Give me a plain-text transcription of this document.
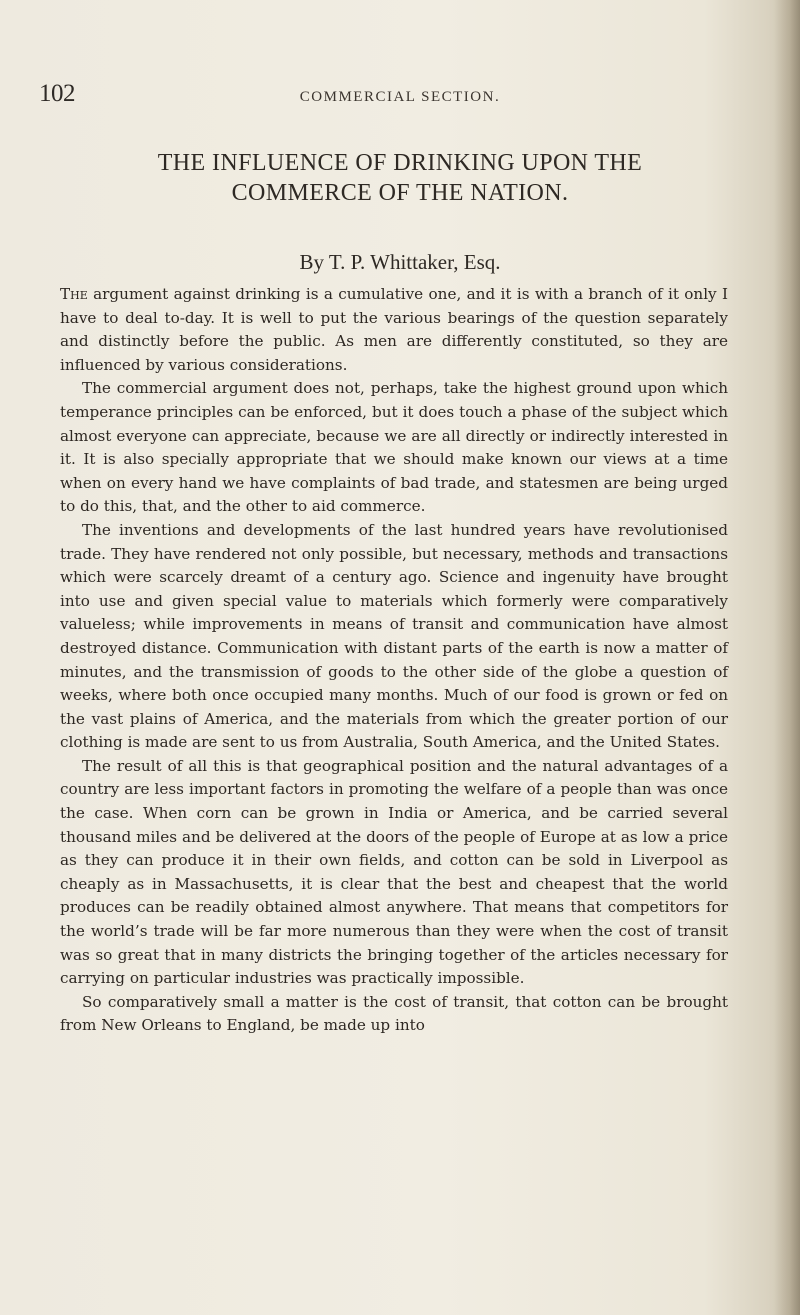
102	COMMERCIAL SECTION.
THE INFLUENCE OF DRINKING UPON THE
COMMERCE OF THE NATION.
By T. P. Whittaker, Esq.

The argument against drinking is a cumulative one, and it is with a branch of it only I have to deal to-day. It is well to put the various bearings of the question separately and distinctly before the public. As men are differently constituted, so they are influenced by various considerations.

The commercial argument does not, perhaps, take the highest ground upon which temperance principles can be enforced, but it does touch a phase of the subject which almost everyone can appreciate, because we are all directly or indirectly interested in it. It is also specially appropriate that we should make known our views at a time when on every hand we have complaints of bad trade, and statesmen are being urged to do this, that, and the other to aid commerce.

The inventions and developments of the last hundred years have revolutionised trade. They have rendered not only possible, but necessary, methods and transactions which were scarcely dreamt of a century ago. Science and ingenuity have brought into use and given special value to materials which formerly were comparatively valueless; while improvements in means of transit and communication have almost destroyed distance. Communication with distant parts of the earth is now a matter of minutes, and the transmission of goods to the other side of the globe a question of weeks, where both once occupied many months. Much of our food is grown or fed on the vast plains of America, and the materials from which the greater portion of our clothing is made are sent to us from Australia, South America, and the United States.

The result of all this is that geographical position and the natural advantages of a country are less important factors in promoting the welfare of a people than was once the case. When corn can be grown in India or America, and be carried several thousand miles and be delivered at the doors of the people of Europe at as low a price as they can produce it in their own fields, and cotton can be sold in Liverpool as cheaply as in Massachusetts, it is clear that the best and cheapest that the world produces can be readily obtained almost anywhere. That means that competitors for the world’s trade will be far more numerous than they were when the cost of transit was so great that in many districts the bringing together of the articles necessary for carrying on particular industries was practically impossible.

So comparatively small a matter is the cost of transit, that cotton can be brought from New Orleans to England, be made up into
